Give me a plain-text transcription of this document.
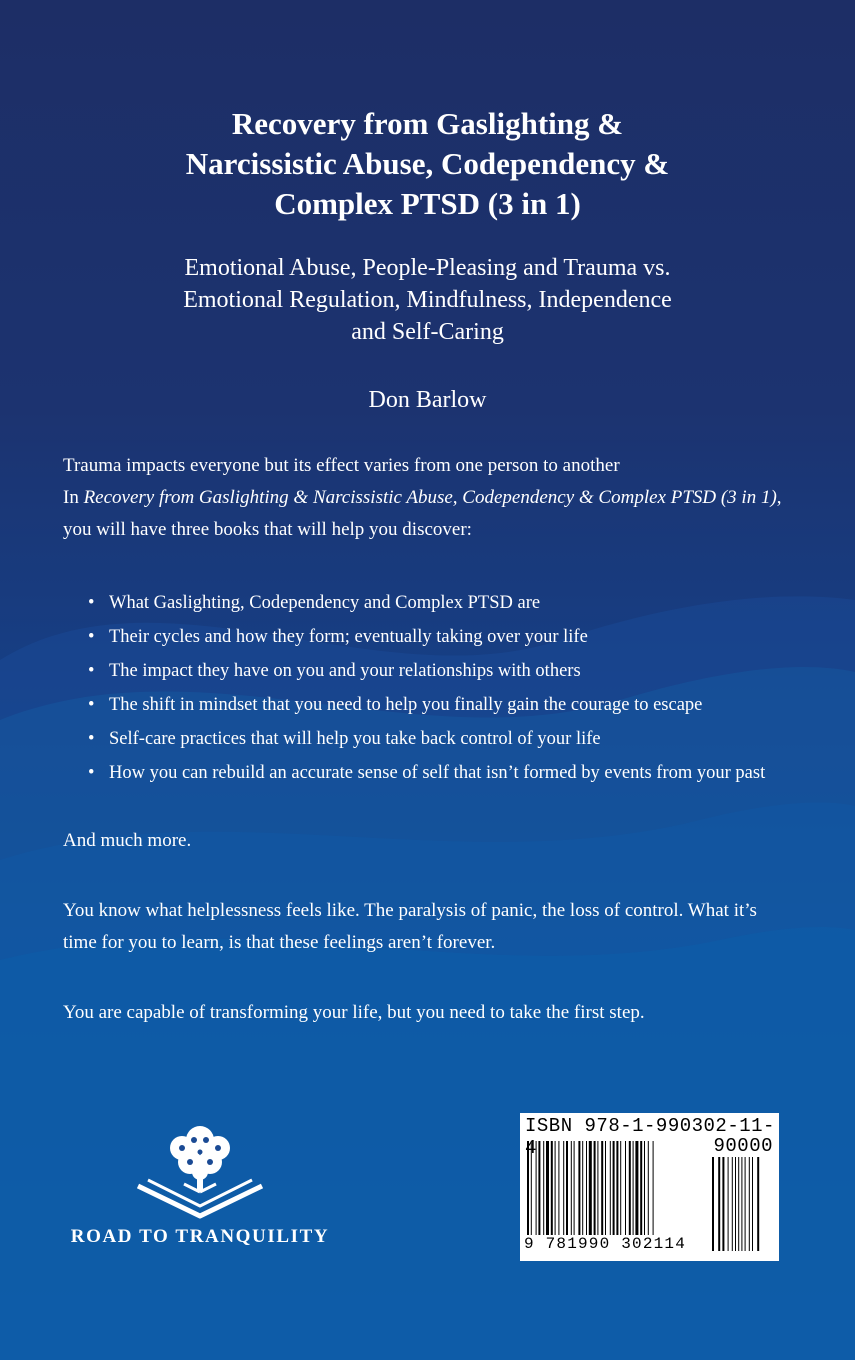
Recovery from Gaslighting &

Narcissistic Abuse, Codependency &

Complex PTSD (3 in 1)

Emotional Abuse, People-Pleasing and Trauma vs.
Emotional Regulation, Mindfulness, Independence
and Self-Caring
Don Barlow
Trauma impacts everyone but its effect varies from one person to another
In Recovery from Gaslighting & Narcissistic Abuse, Codependency & Complex PTSD (3 in 1), you will have three books that will help you discover:
• What Gaslighting, Codependency and Complex PTSD are
• Their cycles and how they form; eventually taking over your life
• The impact they have on you and your relationships with others
• The shift in mindset that you need to help you finally gain the courage to escape
• Self-care practices that will help you take back control of your life
• How you can rebuild an accurate sense of self that isn’t formed by events from your past
And much more.
You know what helplessness feels like. The paralysis of panic, the loss of control. What it’s time for you to learn, is that these feelings aren’t forever.
You are capable of transforming your life, but you need to take the first step.
ROAD TO TRANQUILITY
ISBN 978-1-990302-11-4	90000
9 781990 302114
